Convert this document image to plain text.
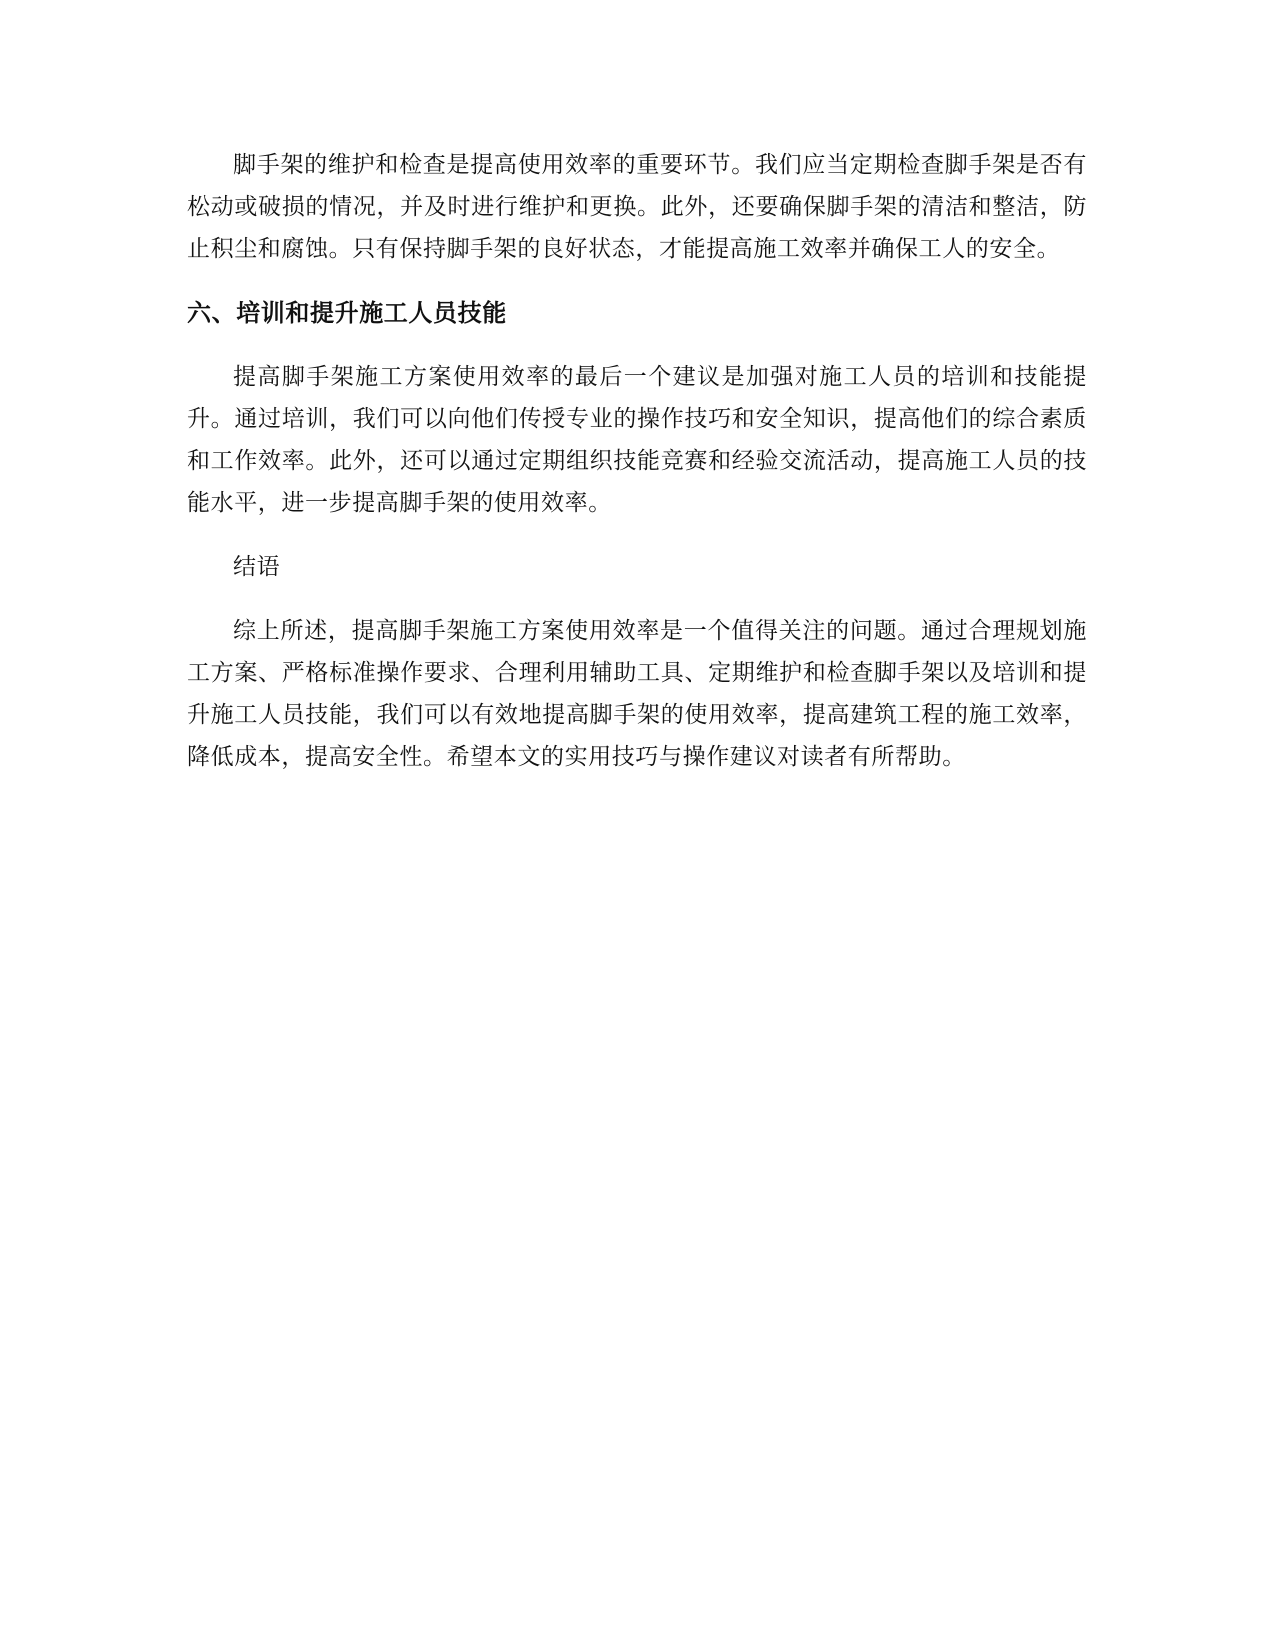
脚手架的维护和检查是提高使用效率的重要环节。我们应当定期检查脚手架是否有松动或破损的情况，并及时进行维护和更换。此外，还要确保脚手架的清洁和整洁，防止积尘和腐蚀。只有保持脚手架的良好状态，才能提高施工效率并确保工人的安全。

六、培训和提升施工人员技能

提高脚手架施工方案使用效率的最后一个建议是加强对施工人员的培训和技能提升。通过培训，我们可以向他们传授专业的操作技巧和安全知识，提高他们的综合素质和工作效率。此外，还可以通过定期组织技能竞赛和经验交流活动，提高施工人员的技能水平，进一步提高脚手架的使用效率。

结语

综上所述，提高脚手架施工方案使用效率是一个值得关注的问题。通过合理规划施工方案、严格标准操作要求、合理利用辅助工具、定期维护和检查脚手架以及培训和提升施工人员技能，我们可以有效地提高脚手架的使用效率，提高建筑工程的施工效率，降低成本，提高安全性。希望本文的实用技巧与操作建议对读者有所帮助。
